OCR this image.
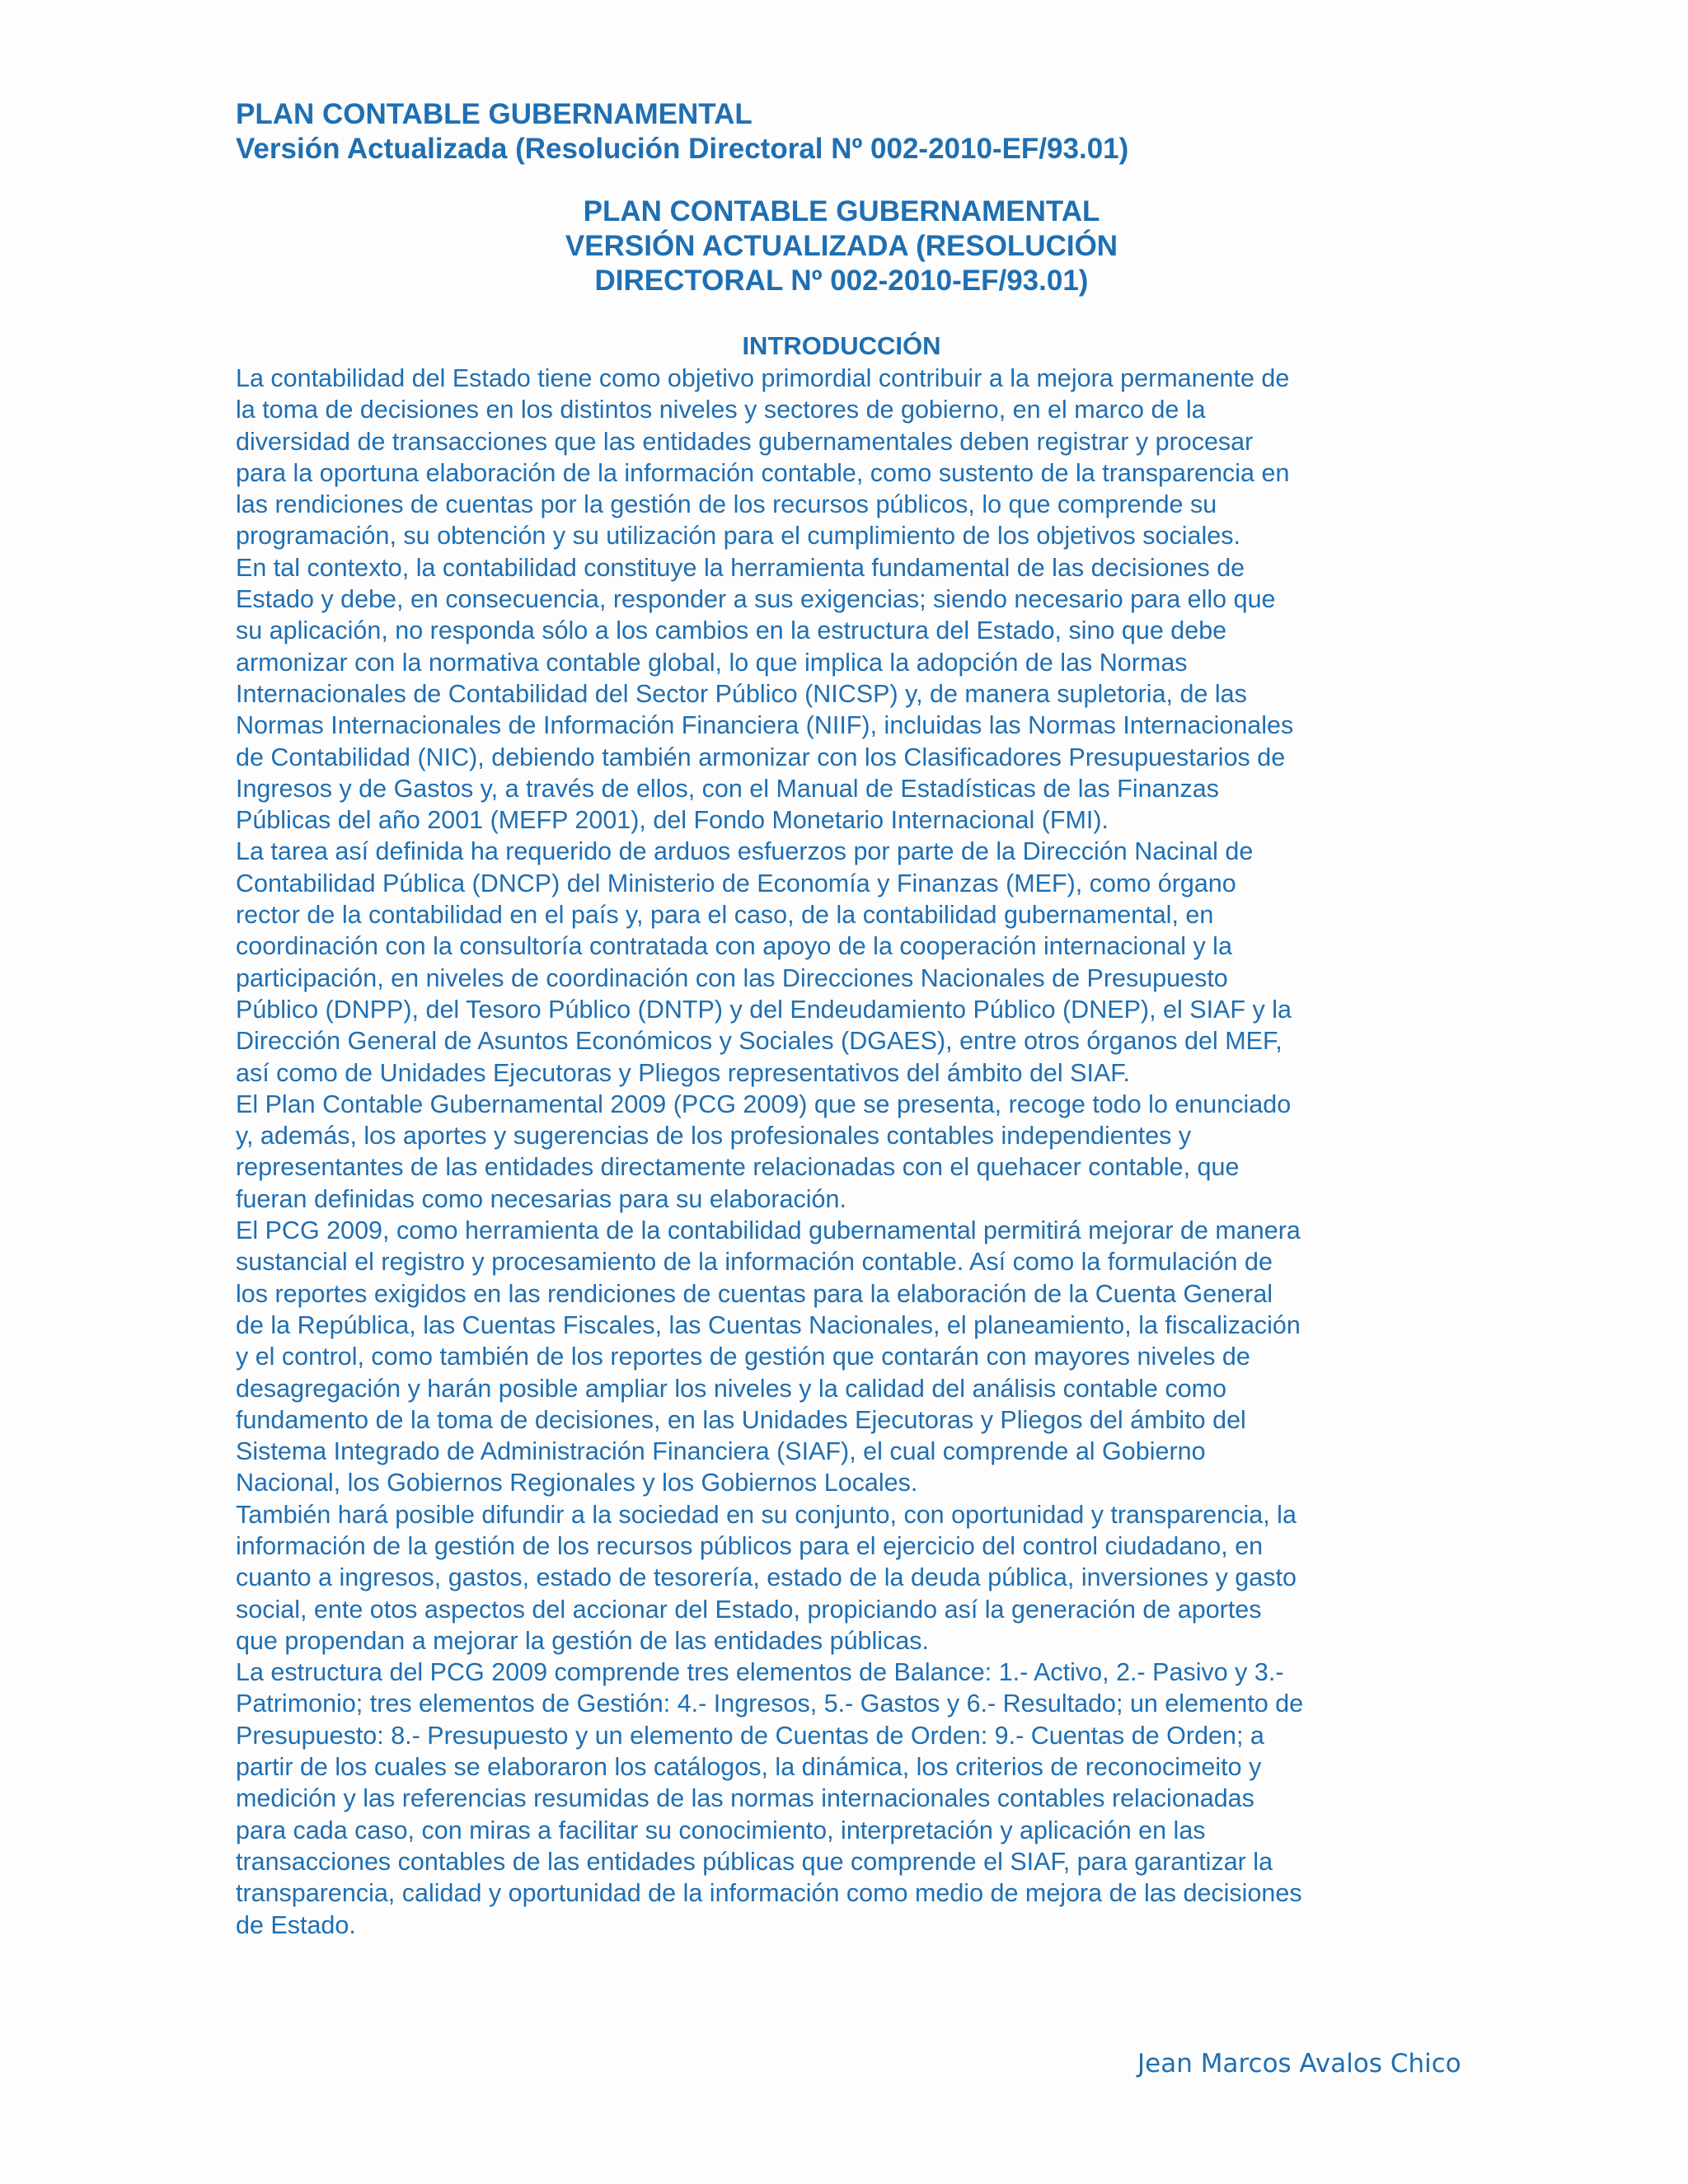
PLAN CONTABLE GUBERNAMENTAL
Versión Actualizada (Resolución Directoral Nº 002-2010-EF/93.01)
PLAN CONTABLE GUBERNAMENTAL
VERSIÓN ACTUALIZADA (RESOLUCIÓN
DIRECTORAL Nº 002-2010-EF/93.01)
INTRODUCCIÓN
La contabilidad del Estado tiene como objetivo primordial contribuir a la mejora permanente de
la toma de decisiones en los distintos niveles y sectores de gobierno, en el marco de la
diversidad de transacciones que las entidades gubernamentales deben registrar y procesar
para la oportuna elaboración de la información contable, como sustento de la transparencia en
las rendiciones de cuentas por la gestión de los recursos públicos, lo que comprende su
programación, su obtención y su utilización para el cumplimiento de los objetivos sociales.
En tal contexto, la contabilidad constituye la herramienta fundamental de las decisiones de
Estado y debe, en consecuencia, responder a sus exigencias; siendo necesario para ello que
su aplicación, no responda sólo a los cambios en la estructura del Estado, sino que debe
armonizar con la normativa contable global, lo que implica la adopción de las Normas
Internacionales de Contabilidad del Sector Público (NICSP) y, de manera supletoria, de las
Normas Internacionales de Información Financiera (NIIF), incluidas las Normas Internacionales
de Contabilidad (NIC), debiendo también armonizar con los Clasificadores Presupuestarios de
Ingresos y de Gastos y, a través de ellos, con el Manual de Estadísticas de las Finanzas
Públicas del año 2001 (MEFP 2001), del Fondo Monetario Internacional (FMI).
La tarea así definida ha requerido de arduos esfuerzos por parte de la Dirección Nacinal de
Contabilidad Pública (DNCP) del Ministerio de Economía y Finanzas (MEF), como órgano
rector de la contabilidad en el país y, para el caso, de la contabilidad gubernamental, en
coordinación con la consultoría contratada con apoyo de la cooperación internacional y la
participación, en niveles de coordinación con las Direcciones Nacionales de Presupuesto
Público (DNPP), del Tesoro Público (DNTP) y del Endeudamiento Público (DNEP), el SIAF y la
Dirección General de Asuntos Económicos y Sociales (DGAES), entre otros órganos del MEF,
así como de Unidades Ejecutoras y Pliegos representativos del ámbito del SIAF.
El Plan Contable Gubernamental 2009 (PCG 2009) que se presenta, recoge todo lo enunciado
y, además, los aportes y sugerencias de los profesionales contables independientes y
representantes de las entidades directamente relacionadas con el quehacer contable, que
fueran definidas como necesarias para su elaboración.
El PCG 2009, como herramienta de la contabilidad gubernamental permitirá mejorar de manera
sustancial el registro y procesamiento de la información contable. Así como la formulación de
los reportes exigidos en las rendiciones de cuentas para la elaboración de la Cuenta General
de la República, las Cuentas Fiscales, las Cuentas Nacionales, el planeamiento, la fiscalización
y el control, como también de los reportes de gestión que contarán con mayores niveles de
desagregación y harán posible ampliar los niveles y la calidad del análisis contable como
fundamento de la toma de decisiones, en las Unidades Ejecutoras y Pliegos del ámbito del
Sistema Integrado de Administración Financiera (SIAF), el cual comprende al Gobierno
Nacional, los Gobiernos Regionales y los Gobiernos Locales.
También hará posible difundir a la sociedad en su conjunto, con oportunidad y transparencia, la
información de la gestión de los recursos públicos para el ejercicio del control ciudadano, en
cuanto a ingresos, gastos, estado de tesorería, estado de la deuda pública, inversiones y gasto
social, ente otos aspectos del accionar del Estado, propiciando así la generación de aportes
que propendan a mejorar la gestión de las entidades públicas.
La estructura del PCG 2009 comprende tres elementos de Balance: 1.- Activo, 2.- Pasivo y 3.-
Patrimonio; tres elementos de Gestión: 4.- Ingresos, 5.- Gastos y 6.- Resultado; un elemento de
Presupuesto: 8.- Presupuesto y un elemento de Cuentas de Orden: 9.- Cuentas de Orden; a
partir de los cuales se elaboraron los catálogos, la dinámica, los criterios de reconocimeito y
medición y las referencias resumidas de las normas internacionales contables relacionadas
para cada caso, con miras a facilitar su conocimiento, interpretación y aplicación en las
transacciones contables de las entidades públicas que comprende el SIAF, para garantizar la
transparencia, calidad y oportunidad de la información como medio de mejora de las decisiones
de Estado.
Jean Marcos Avalos Chico
